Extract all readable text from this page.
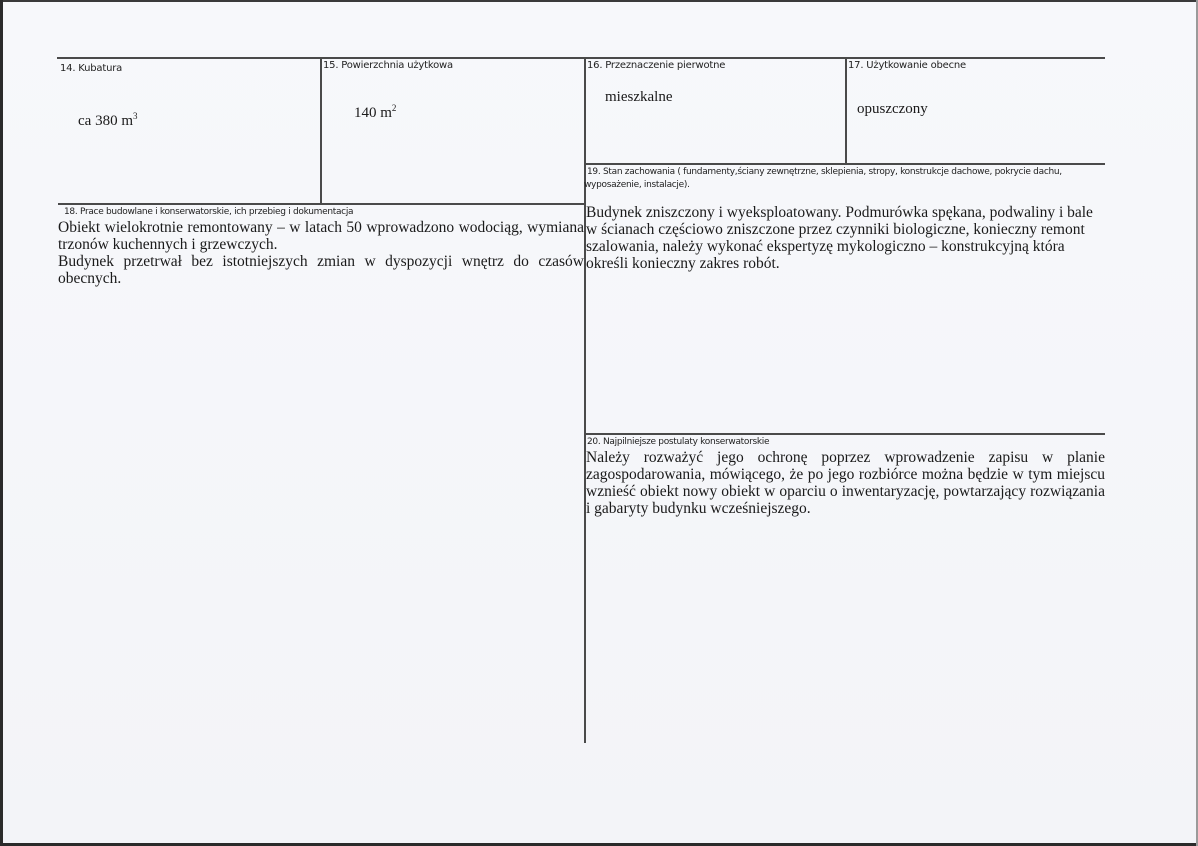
14. Kubatura
ca 380 $m^3$
15. Powierzchnia użytkowa
140 $m^2$
16. Przeznaczenie pierwotne
mieszkalne
17. Użytkowanie obecne
opuszczony
19. Stan zachowania ( fundamenty,ściany zewnętrzne, sklepienia, stropy, konstrukcje dachowe, pokrycie dachu,
wyposażenie, instalacje).
Budynek zniszczony i wyeksploatowany. Podmurówka spękana, podwaliny i bale w ścianach częściowo zniszczone przez czynniki biologiczne, konieczny remont szalowania, należy wykonać ekspertyzę mykologiczno – konstrukcyjną która określi konieczny zakres robót.
18. Prace budowlane i konserwatorskie, ich przebieg i dokumentacja

Obiekt wielokrotnie remontowany – w latach 50 wprowadzono wodociąg, wymiana trzonów kuchennych i grzewczych.

Budynek przetrwał bez istotniejszych zmian w dyspozycji wnętrz do czasów obecnych.

20. Najpilniejsze postulaty konserwatorskie
Należy rozważyć jego ochronę poprzez wprowadzenie zapisu w planie zagospodarowania, mówiącego, że po jego rozbiórce można będzie w tym miejscu wznieść obiekt nowy obiekt w oparciu o inwentaryzację, powtarzający rozwiązania i gabaryty budynku wcześniejszego.
